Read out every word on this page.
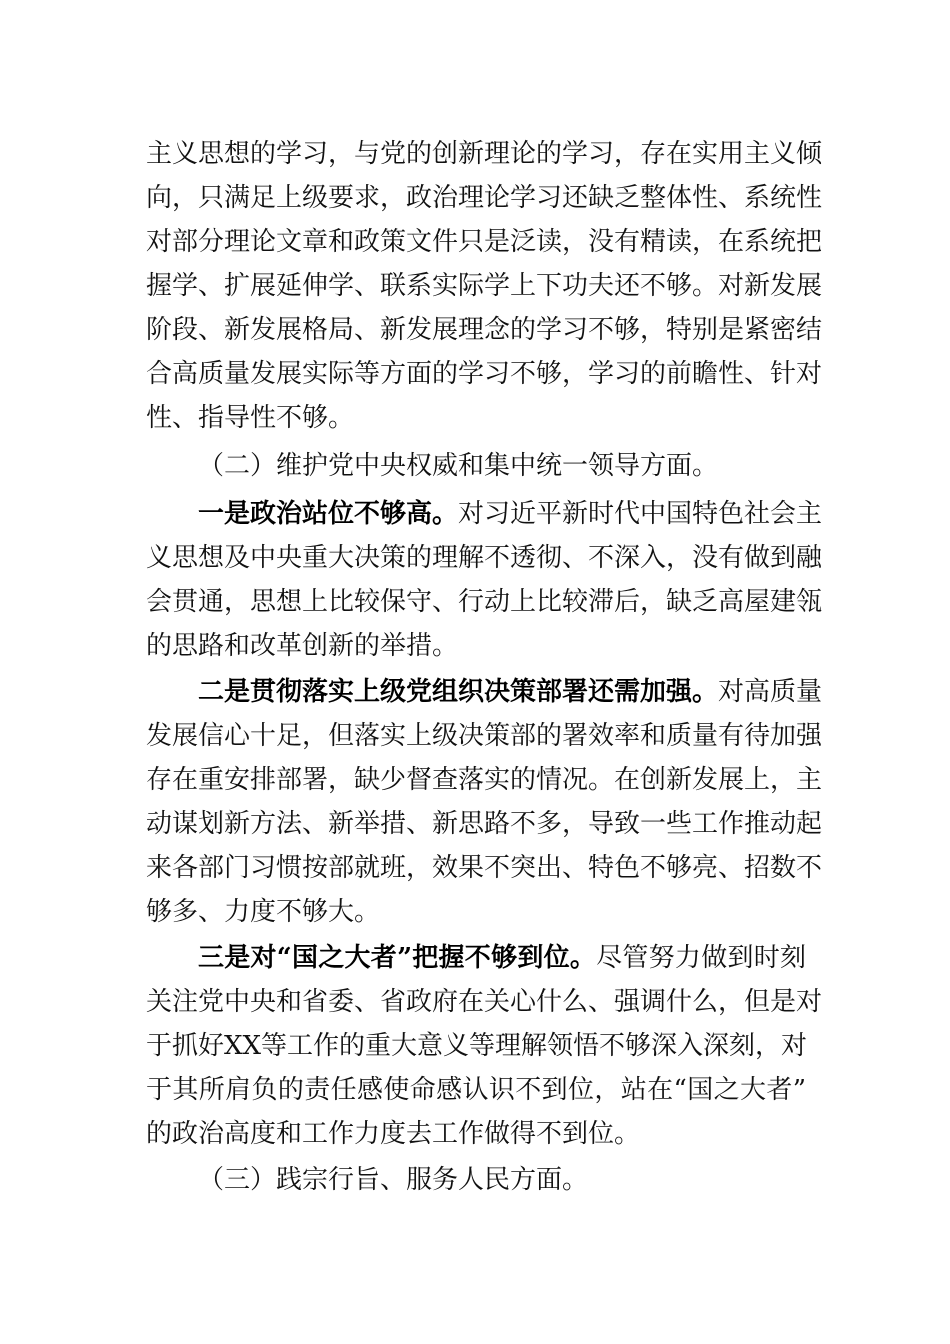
主义思想的学习，与党的创新理论的学习，存在实用主义倾
向，只满足上级要求，政治理论学习还缺乏整体性、系统性
对部分理论文章和政策文件只是泛读，没有精读，在系统把
握学、扩展延伸学、联系实际学上下功夫还不够。对新发展
阶段、新发展格局、新发展理念的学习不够，特别是紧密结
合高质量发展实际等方面的学习不够，学习的前瞻性、针对
性、指导性不够。
（二）维护党中央权威和集中统一领导方面。
一是政治站位不够高。对习近平新时代中国特色社会主
义思想及中央重大决策的理解不透彻、不深入，没有做到融
会贯通，思想上比较保守、行动上比较滞后，缺乏高屋建瓴
的思路和改革创新的举措。
二是贯彻落实上级党组织决策部署还需加强。对高质量
发展信心十足，但落实上级决策部的署效率和质量有待加强
存在重安排部署，缺少督查落实的情况。在创新发展上，主
动谋划新方法、新举措、新思路不多，导致一些工作推动起
来各部门习惯按部就班，效果不突出、特色不够亮、招数不
够多、力度不够大。
三是对“国之大者”把握不够到位。尽管努力做到时刻
关注党中央和省委、省政府在关心什么、强调什么，但是对
于抓好XX等工作的重大意义等理解领悟不够深入深刻，对
于其所肩负的责任感使命感认识不到位，站在“国之大者”
的政治高度和工作力度去工作做得不到位。
（三）践宗行旨、服务人民方面。
